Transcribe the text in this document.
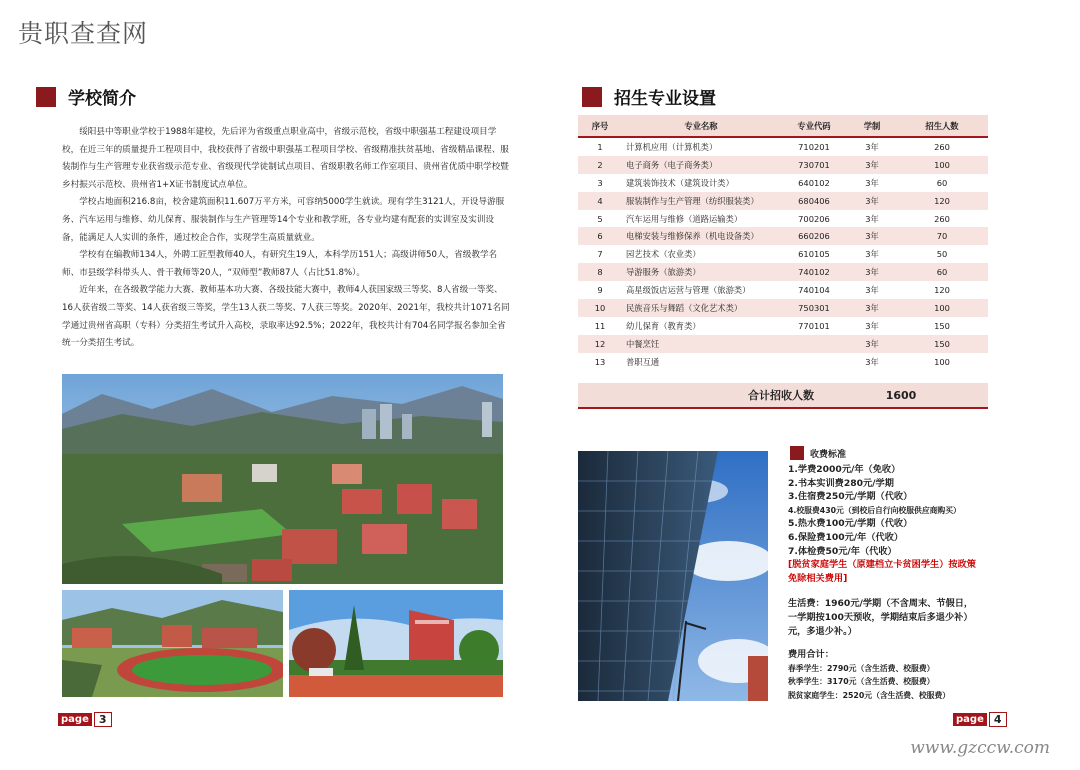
贵职查查网
学校简介

绥阳县中等职业学校于1988年建校，先后评为省级重点职业高中，省级示范校，省级中职强基工程建设项目学校，在近三年的质量提升工程项目中，我校获得了省级中职强基工程项目学校、省级精准扶贫基地、省级精品课程、服装制作与生产管理专业获省级示范专业、省级现代学徒制试点项目、省级职教名师工作室项目、贵州省优质中职学校暨乡村振兴示范校、贵州省1+X证书制度试点单位。

学校占地面积216.8亩，校舍建筑面积11.607万平方米，可容纳5000学生就读。现有学生3121人，开设导游服务、汽车运用与维修、幼儿保育、服装制作与生产管理等14个专业和教学班，各专业均建有配套的实训室及实训设备，能满足人人实训的条件，通过校企合作，实现学生高质量就业。

学校有在编教师134人，外聘工匠型教师40人，有研究生19人，本科学历151人；高级讲师50人，省级教学名师、市县级学科带头人、骨干教师等20人，“双师型”教师87人（占比51.8%）。

近年来，在各级教学能力大赛、教师基本功大赛、各级技能大赛中，教师4人获国家级三等奖、8人省级一等奖、16人获省级二等奖、14人获省级三等奖，学生13人获二等奖、7人获三等奖。2020年、2021年，我校共计1071名同学通过贵州省高职（专科）分类招生考试升入高校，录取率达92.5%；2022年，我校共计有704名同学报名参加全省统一分类招生考试。

page 3
招生专业设置
序号	专业名称	专业代码	学制	招生人数
1	计算机应用（计算机类）	710201	3年	260
2	电子商务（电子商务类）	730701	3年	100
3	建筑装饰技术（建筑设计类）	640102	3年	60
4	服装制作与生产管理（纺织服装类）	680406	3年	120
5	汽车运用与维修（道路运输类）	700206	3年	260
6	电梯安装与维修保养（机电设备类）	660206	3年	70
7	园艺技术（农业类）	610105	3年	50
8	导游服务（旅游类）	740102	3年	60
9	高星级饭店运营与管理（旅游类）	740104	3年	120
10	民族音乐与舞蹈（文化艺术类）	750301	3年	100
11	幼儿保育（教育类）	770101	3年	150
12	中餐烹饪		3年	150
13	普职互通		3年	100
合计招收人数	1600
收费标准
1.学费2000元/年（免收）
2.书本实训费280元/学期
3.住宿费250元/学期（代收）
4.校服费430元（到校后自行向校服供应商购买）
5.热水费100元/学期（代收）
6.保险费100元/年（代收）
7.体检费50元/年（代收）
[脱贫家庭学生（原建档立卡贫困学生）按政策
免除相关费用]
生活费：1960元/学期（不含周末、节假日，
一学期按100天预收，学期结束后多退少补）
元，多退少补。）
费用合计：
春季学生：2790元（含生活费、校服费）
秋季学生：3170元（含生活费、校服费）
脱贫家庭学生：2520元（含生活费、校服费）
page 4
www.gzccw.com
